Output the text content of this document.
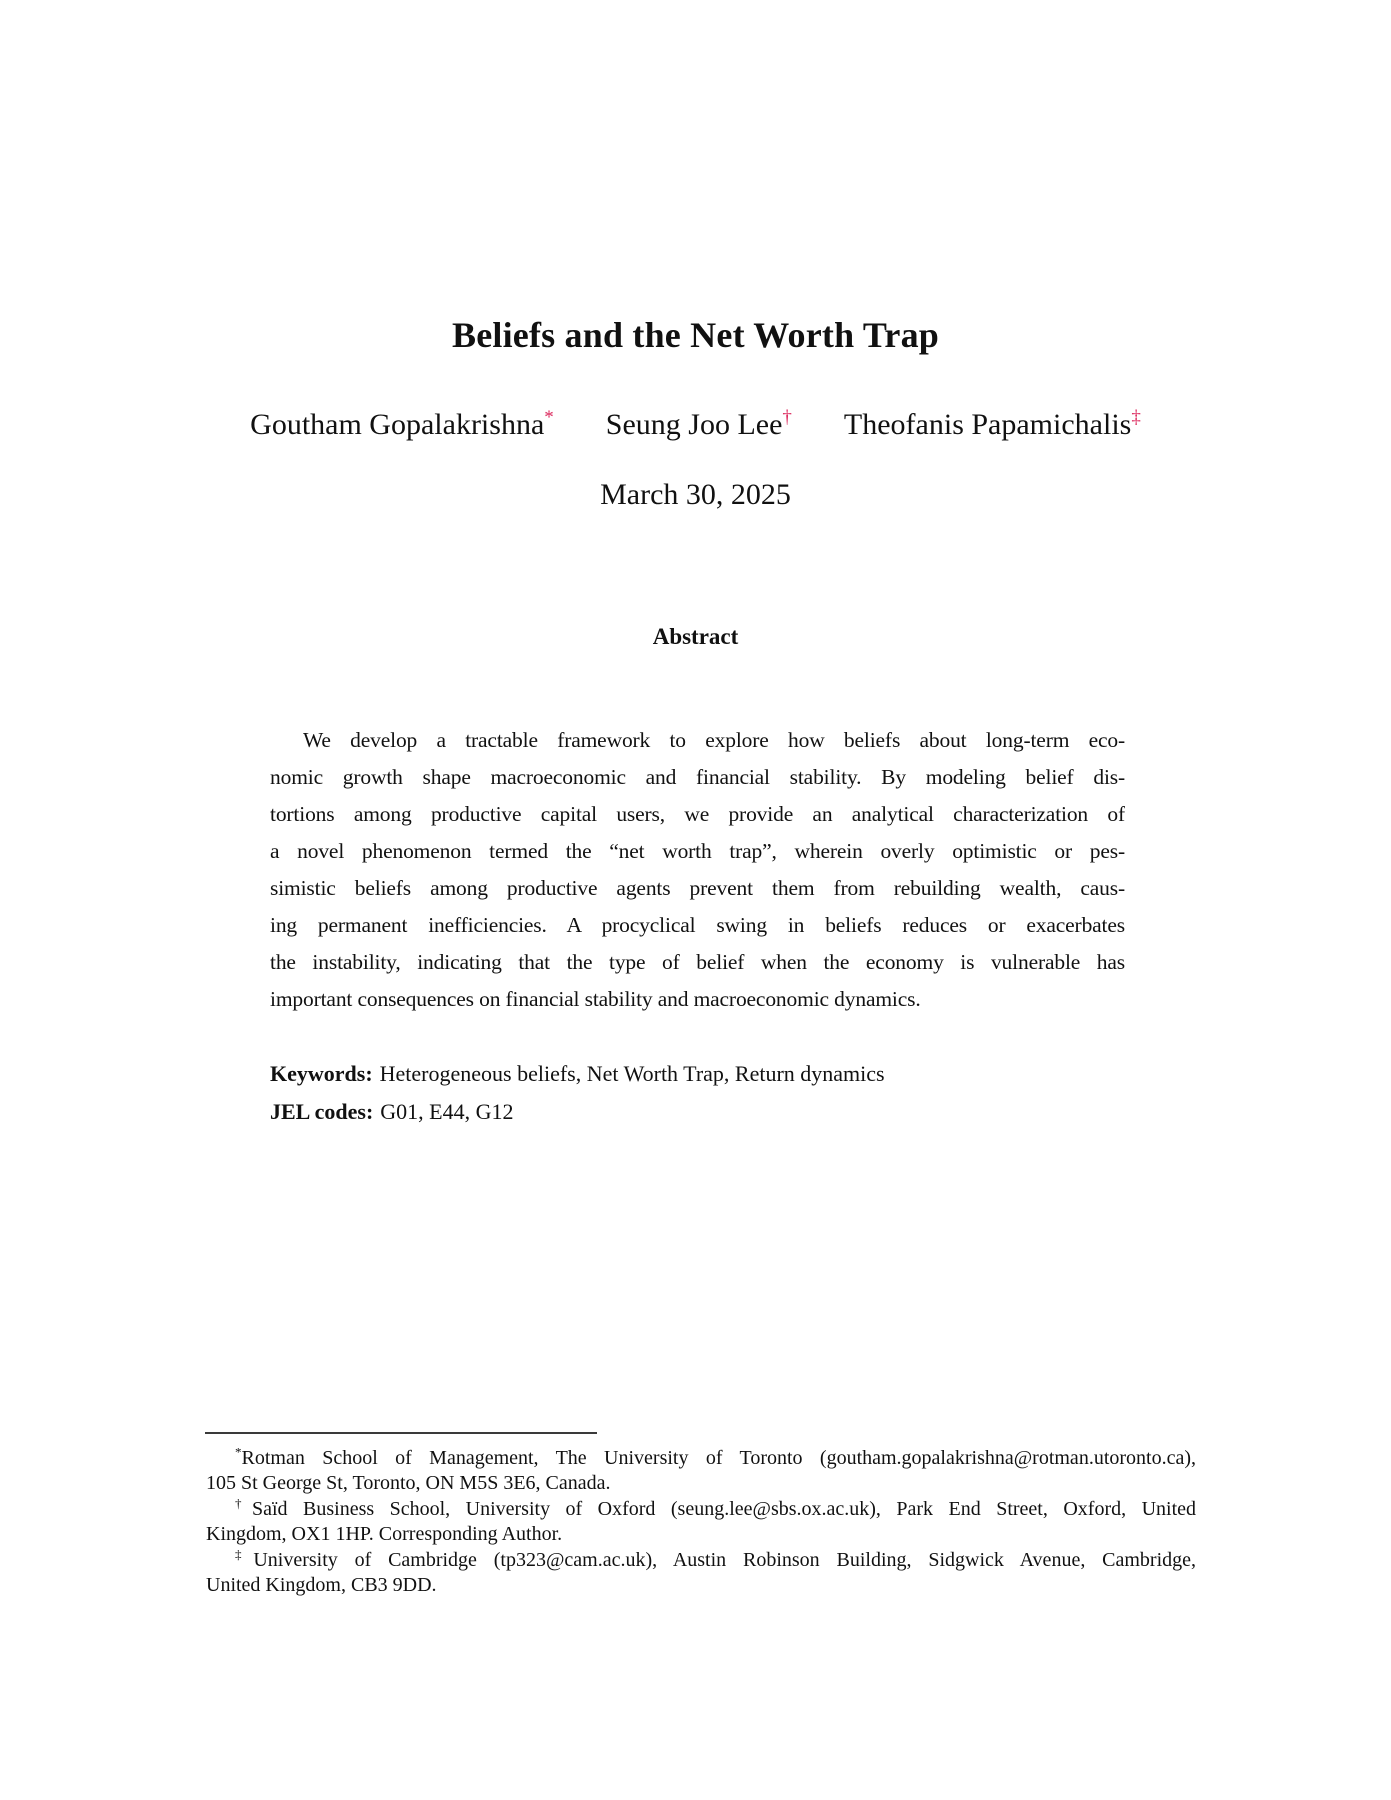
Beliefs and the Net Worth Trap
Goutham Gopalakrishna* Seung Joo Lee† Theofanis Papamichalis‡
March 30, 2025
Abstract
We develop a tractable framework to explore how beliefs about long-term eco-
nomic growth shape macroeconomic and financial stability. By modeling belief dis-
tortions among productive capital users, we provide an analytical characterization of
a novel phenomenon termed the “net worth trap”, wherein overly optimistic or pes-
simistic beliefs among productive agents prevent them from rebuilding wealth, caus-
ing permanent inefficiencies. A procyclical swing in beliefs reduces or exacerbates
the instability, indicating that the type of belief when the economy is vulnerable has
important consequences on financial stability and macroeconomic dynamics.
Keywords: Heterogeneous beliefs, Net Worth Trap, Return dynamics
JEL codes: G01, E44, G12
*Rotman School of Management, The University of Toronto (goutham.gopalakrishna@rotman.utoronto.ca),
105 St George St, Toronto, ON M5S 3E6, Canada.
†Saïd Business School, University of Oxford (seung.lee@sbs.ox.ac.uk), Park End Street, Oxford, United
Kingdom, OX1 1HP. Corresponding Author.
‡University of Cambridge (tp323@cam.ac.uk), Austin Robinson Building, Sidgwick Avenue, Cambridge,
United Kingdom, CB3 9DD.
